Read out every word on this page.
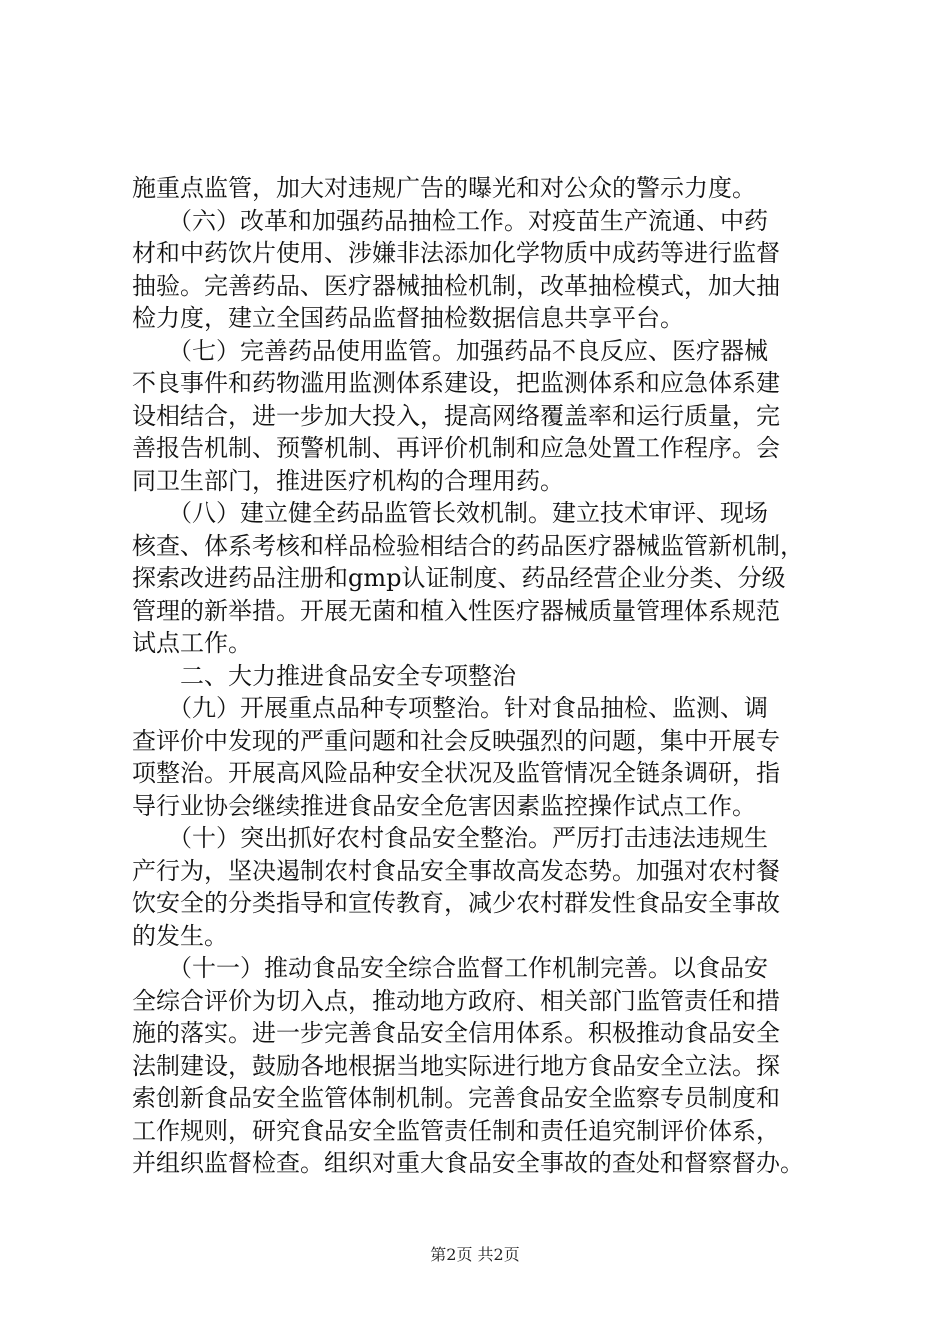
施重点监管，加大对违规广告的曝光和对公众的警示力度。
　　（六）改革和加强药品抽检工作。对疫苗生产流通、中药
材和中药饮片使用、涉嫌非法添加化学物质中成药等进行监督
抽验。完善药品、医疗器械抽检机制，改革抽检模式，加大抽
检力度，建立全国药品监督抽检数据信息共享平台。
　　（七）完善药品使用监管。加强药品不良反应、医疗器械
不良事件和药物滥用监测体系建设，把监测体系和应急体系建
设相结合，进一步加大投入，提高网络覆盖率和运行质量，完
善报告机制、预警机制、再评价机制和应急处置工作程序。会
同卫生部门，推进医疗机构的合理用药。
　　（八）建立健全药品监管长效机制。建立技术审评、现场
核查、体系考核和样品检验相结合的药品医疗器械监管新机制，
探索改进药品注册和gmp认证制度、药品经营企业分类、分级
管理的新举措。开展无菌和植入性医疗器械质量管理体系规范
试点工作。
　　二、大力推进食品安全专项整治
　　（九）开展重点品种专项整治。针对食品抽检、监测、调
查评价中发现的严重问题和社会反映强烈的问题，集中开展专
项整治。开展高风险品种安全状况及监管情况全链条调研，指
导行业协会继续推进食品安全危害因素监控操作试点工作。
　　（十）突出抓好农村食品安全整治。严厉打击违法违规生
产行为，坚决遏制农村食品安全事故高发态势。加强对农村餐
饮安全的分类指导和宣传教育，减少农村群发性食品安全事故
的发生。
　　（十一）推动食品安全综合监督工作机制完善。以食品安
全综合评价为切入点，推动地方政府、相关部门监管责任和措
施的落实。进一步完善食品安全信用体系。积极推动食品安全
法制建设，鼓励各地根据当地实际进行地方食品安全立法。探
索创新食品安全监管体制机制。完善食品安全监察专员制度和
工作规则，研究食品安全监管责任制和责任追究制评价体系，
并组织监督检查。组织对重大食品安全事故的查处和督察督办。
第2页 共2页
